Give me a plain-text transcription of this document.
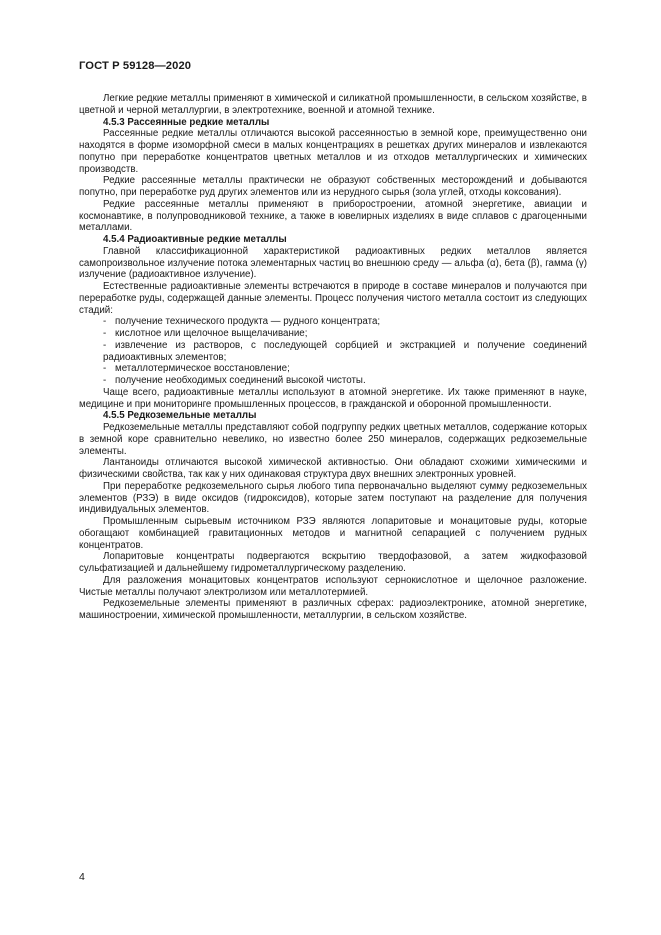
ГОСТ Р 59128—2020

Легкие редкие металлы применяют в химической и силикатной промышленности, в сельском хозяйстве, в цветной и черной металлургии, в электротехнике, военной и атомной технике.

4.5.3 Рассеянные редкие металлы

Рассеянные редкие металлы отличаются высокой рассеянностью в земной коре, преимущественно они находятся в форме изоморфной смеси в малых концентрациях в решетках других минералов и извлекаются попутно при переработке концентратов цветных металлов и из отходов металлургических и химических производств.

Редкие рассеянные металлы практически не образуют собственных месторождений и добываются попутно, при переработке руд других элементов или из нерудного сырья (зола углей, отходы коксования).

Редкие рассеянные металлы применяют в приборостроении, атомной энергетике, авиации и космонавтике, в полупроводниковой технике, а также в ювелирных изделиях в виде сплавов с драгоценными металлами.

4.5.4 Радиоактивные редкие металлы

Главной классификационной характеристикой радиоактивных редких металлов является самопроизвольное излучение потока элементарных частиц во внешнюю среду — альфа (α), бета (β), гамма (γ) излучение (радиоактивное излучение).

Естественные радиоактивные элементы встречаются в природе в составе минералов и получаются при переработке руды, содержащей данные элементы. Процесс получения чистого металла состоит из следующих стадий:

- получение технического продукта — рудного концентрата;

- кислотное или щелочное выщелачивание;

- извлечение из растворов, с последующей сорбцией и экстракцией и получение соединений радиоактивных элементов;

- металлотермическое восстановление;

- получение необходимых соединений высокой чистоты.

Чаще всего, радиоактивные металлы используют в атомной энергетике. Их также применяют в науке, медицине и при мониторинге промышленных процессов, в гражданской и оборонной промышленности.

4.5.5 Редкоземельные металлы

Редкоземельные металлы представляют собой подгруппу редких цветных металлов, содержание которых в земной коре сравнительно невелико, но известно более 250 минералов, содержащих редкоземельные элементы.

Лантаноиды отличаются высокой химической активностью. Они обладают схожими химическими и физическими свойства, так как у них одинаковая структура двух внешних электронных уровней.

При переработке редкоземельного сырья любого типа первоначально выделяют сумму редкоземельных элементов (РЗЭ) в виде оксидов (гидроксидов), которые затем поступают на разделение для получения индивидуальных элементов.

Промышленным сырьевым источником РЗЭ являются лопаритовые и монацитовые руды, которые обогащают комбинацией гравитационных методов и магнитной сепарацией с получением рудных концентратов.

Лопаритовые концентраты подвергаются вскрытию твердофазовой, а затем жидкофазовой сульфатизацией и дальнейшему гидрометаллургическому разделению.

Для разложения монацитовых концентратов используют сернокислотное и щелочное разложение. Чистые металлы получают электролизом или металлотермией.

Редкоземельные элементы применяют в различных сферах: радиоэлектронике, атомной энергетике, машиностроении, химической промышленности, металлургии, в сельском хозяйстве.

4
